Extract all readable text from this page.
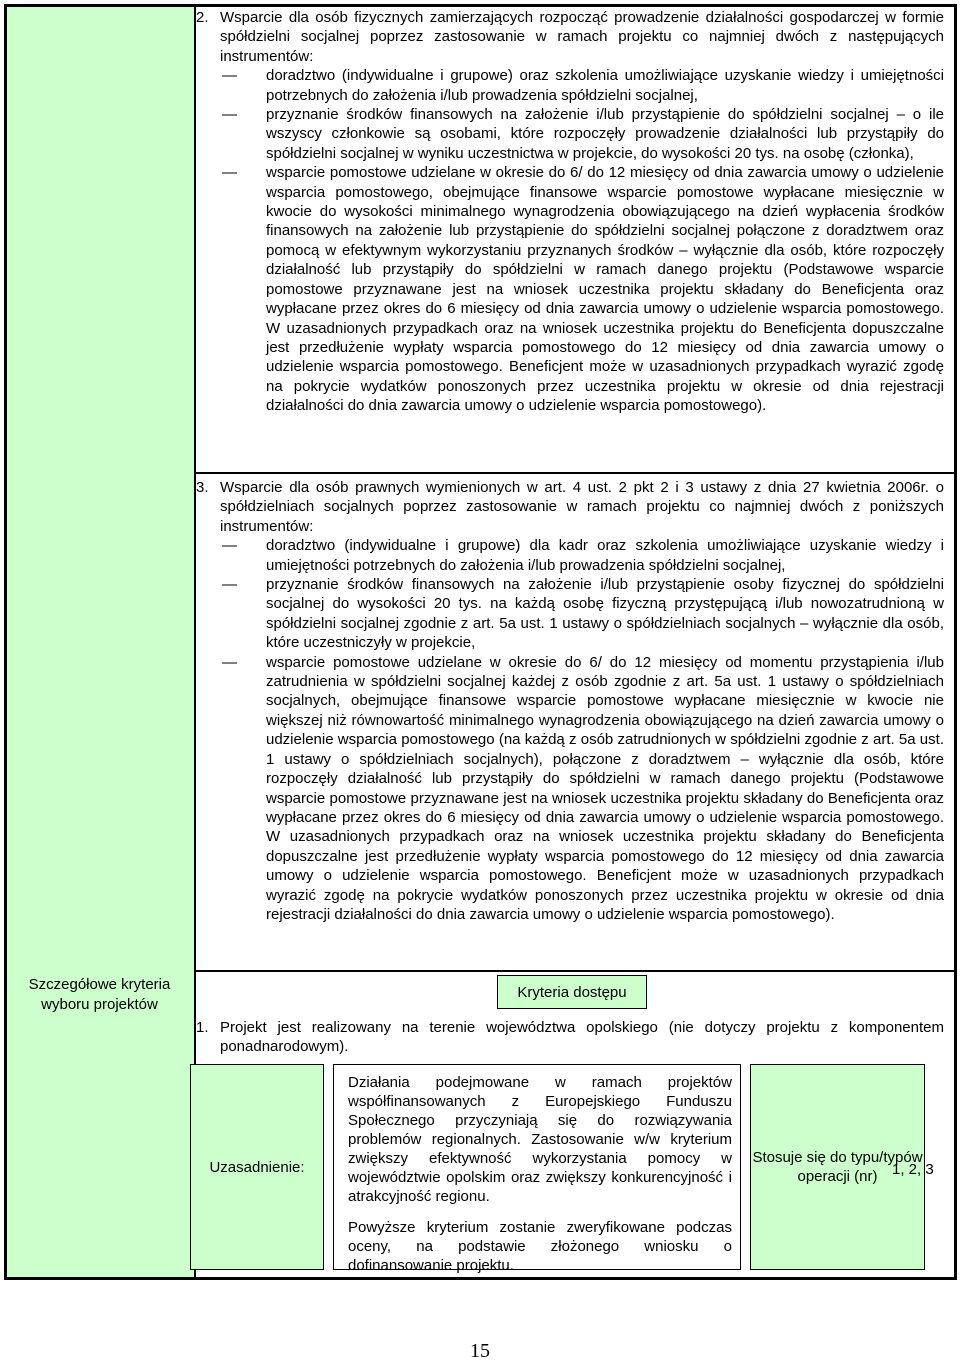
Szczegółowe kryteria wyboru projektów
2. Wsparcie dla osób fizycznych zamierzających rozpocząć prowadzenie działalności gospodarczej w formie spółdzielni socjalnej poprzez zastosowanie w ramach projektu co najmniej dwóch z następujących instrumentów:
— doradztwo (indywidualne i grupowe) oraz szkolenia umożliwiające uzyskanie wiedzy i umiejętności potrzebnych do założenia i/lub prowadzenia spółdzielni socjalnej,
— przyznanie środków finansowych na założenie i/lub przystąpienie do spółdzielni socjalnej – o ile wszyscy członkowie są osobami, które rozpoczęły prowadzenie działalności lub przystąpiły do spółdzielni socjalnej w wyniku uczestnictwa w projekcie, do wysokości 20 tys. na osobę (członka),
— wsparcie pomostowe udzielane w okresie do 6/ do 12 miesięcy od dnia zawarcia umowy o udzielenie wsparcia pomostowego, obejmujące finansowe wsparcie pomostowe wypłacane miesięcznie w kwocie do wysokości minimalnego wynagrodzenia obowiązującego na dzień wypłacenia środków finansowych na założenie lub przystąpienie do spółdzielni socjalnej połączone z doradztwem oraz pomocą w efektywnym wykorzystaniu przyznanych środków – wyłącznie dla osób, które rozpoczęły działalność lub przystąpiły do spółdzielni w ramach danego projektu (Podstawowe wsparcie pomostowe przyznawane jest na wniosek uczestnika projektu składany do Beneficjenta oraz wypłacane przez okres do 6 miesięcy od dnia zawarcia umowy o udzielenie wsparcia pomostowego. W uzasadnionych przypadkach oraz na wniosek uczestnika projektu do Beneficjenta dopuszczalne jest przedłużenie wypłaty wsparcia pomostowego do 12 miesięcy od dnia zawarcia umowy o udzielenie wsparcia pomostowego. Beneficjent może w uzasadnionych przypadkach wyrazić zgodę na pokrycie wydatków ponoszonych przez uczestnika projektu w okresie od dnia rejestracji działalności do dnia zawarcia umowy o udzielenie wsparcia pomostowego).
3. Wsparcie dla osób prawnych wymienionych w art. 4 ust. 2 pkt 2 i 3 ustawy z dnia 27 kwietnia 2006r. o spółdzielniach socjalnych poprzez zastosowanie w ramach projektu co najmniej dwóch z poniższych instrumentów:
— doradztwo (indywidualne i grupowe) dla kadr oraz szkolenia umożliwiające uzyskanie wiedzy i umiejętności potrzebnych do założenia i/lub prowadzenia spółdzielni socjalnej,
— przyznanie środków finansowych na założenie i/lub przystąpienie osoby fizycznej do spółdzielni socjalnej do wysokości 20 tys. na każdą osobę fizyczną przystępującą i/lub nowozatrudnioną w spółdzielni socjalnej zgodnie z art. 5a ust. 1 ustawy o spółdzielniach socjalnych – wyłącznie dla osób, które uczestniczyły w projekcie,
— wsparcie pomostowe udzielane w okresie do 6/ do 12 miesięcy od momentu przystąpienia i/lub zatrudnienia w spółdzielni socjalnej każdej z osób zgodnie z art. 5a ust. 1 ustawy o spółdzielniach socjalnych, obejmujące finansowe wsparcie pomostowe wypłacane miesięcznie w kwocie nie większej niż równowartość minimalnego wynagrodzenia obowiązującego na dzień zawarcia umowy o udzielenie wsparcia pomostowego (na każdą z osób zatrudnionych w spółdzielni zgodnie z art. 5a ust. 1 ustawy o spółdzielniach socjalnych), połączone z doradztwem – wyłącznie dla osób, które rozpoczęły działalność lub przystąpiły do spółdzielni w ramach danego projektu (Podstawowe wsparcie pomostowe przyznawane jest na wniosek uczestnika projektu składany do Beneficjenta oraz wypłacane przez okres do 6 miesięcy od dnia zawarcia umowy o udzielenie wsparcia pomostowego. W uzasadnionych przypadkach oraz na wniosek uczestnika projektu składany do Beneficjenta dopuszczalne jest przedłużenie wypłaty wsparcia pomostowego do 12 miesięcy od dnia zawarcia umowy o udzielenie wsparcia pomostowego. Beneficjent może w uzasadnionych przypadkach wyrazić zgodę na pokrycie wydatków ponoszonych przez uczestnika projektu w okresie od dnia rejestracji działalności do dnia zawarcia umowy o udzielenie wsparcia pomostowego).
Kryteria dostępu
1. Projekt jest realizowany na terenie województwa opolskiego (nie dotyczy projektu z komponentem ponadnarodowym).
Uzasadnienie:

Działania podejmowane w ramach projektów współfinansowanych z Europejskiego Funduszu Społecznego przyczyniają się do rozwiązywania problemów regionalnych. Zastosowanie w/w kryterium zwiększy efektywność wykorzystania pomocy w województwie opolskim oraz zwiększy konkurencyjność i atrakcyjność regionu.

Powyższe kryterium zostanie zweryfikowane podczas oceny, na podstawie złożonego wniosku o dofinansowanie projektu.

Stosuje się do typu/typów operacji (nr) 1, 2, 3
15
